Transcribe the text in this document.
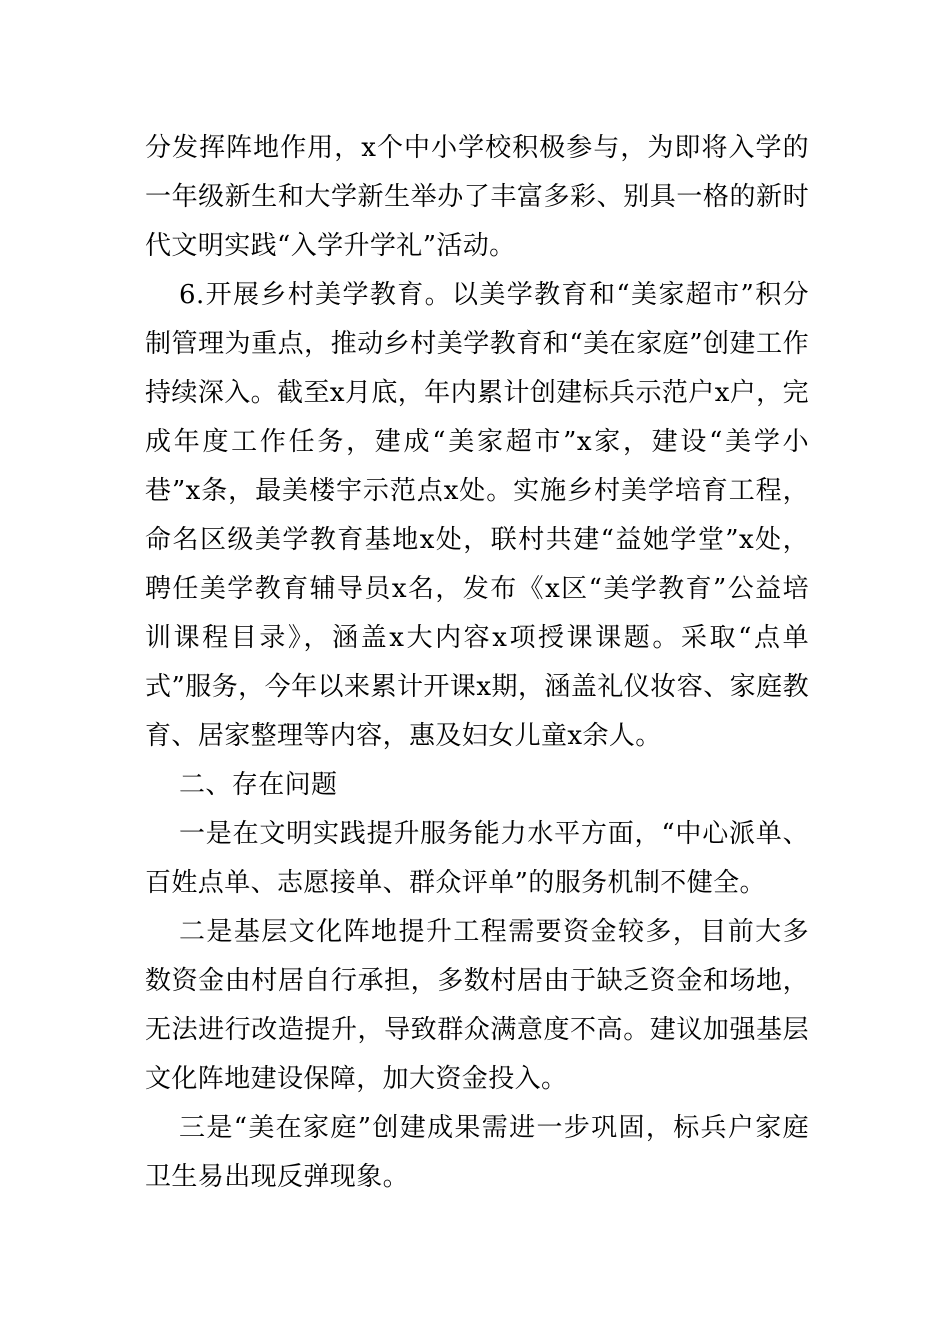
分发挥阵地作用，x个中小学校积极参与，为即将入学的一年级新生和大学新生举办了丰富多彩、别具一格的新时代文明实践“入学升学礼”活动。

6.开展乡村美学教育。以美学教育和“美家超市”积分制管理为重点，推动乡村美学教育和“美在家庭”创建工作持续深入。截至x月底，年内累计创建标兵示范户x户，完成年度工作任务，建成“美家超市”x家，建设“美学小巷”x条，最美楼宇示范点x处。实施乡村美学培育工程，命名区级美学教育基地x处，联村共建“益她学堂”x处，聘任美学教育辅导员x名，发布《x区“美学教育”公益培训课程目录》，涵盖x大内容x项授课课题。采取“点单式”服务，今年以来累计开课x期，涵盖礼仪妆容、家庭教育、居家整理等内容，惠及妇女儿童x余人。

二、存在问题

一是在文明实践提升服务能力水平方面，“中心派单、百姓点单、志愿接单、群众评单”的服务机制不健全。

二是基层文化阵地提升工程需要资金较多，目前大多数资金由村居自行承担，多数村居由于缺乏资金和场地，无法进行改造提升，导致群众满意度不高。建议加强基层文化阵地建设保障，加大资金投入。

三是“美在家庭”创建成果需进一步巩固，标兵户家庭卫生易出现反弹现象。
